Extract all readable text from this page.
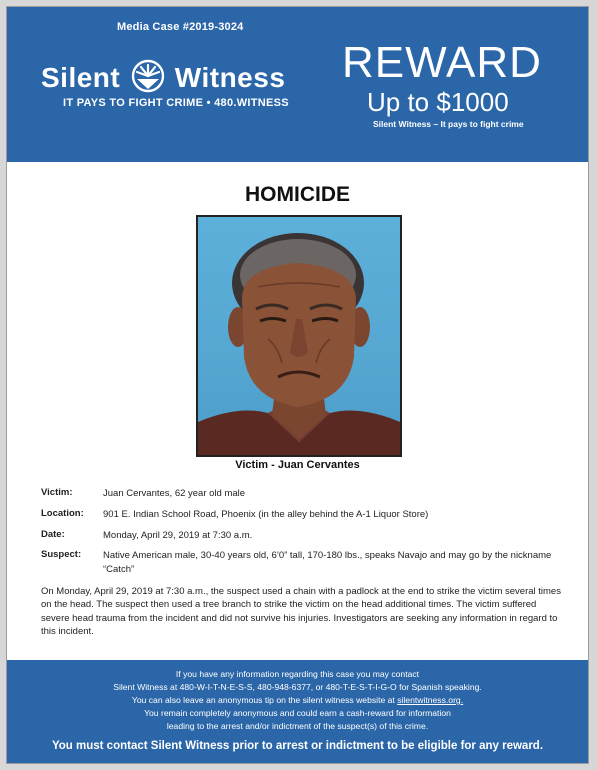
Media Case #2019-3024
Silent Witness
IT PAYS TO FIGHT CRIME • 480.WITNESS
REWARD
Up to $1000
Silent Witness – It pays to fight crime
HOMICIDE
Victim - Juan Cervantes
Victim:	Juan Cervantes, 62 year old male
Location:	901 E. Indian School Road, Phoenix (in the alley behind the A-1 Liquor Store)
Date:	Monday, April 29, 2019 at 7:30 a.m.
Suspect:	Native American male, 30-40 years old, 6’0” tall, 170-180 lbs., speaks Navajo and may go by the nickname “Catch”
On Monday, April 29, 2019 at 7:30 a.m., the suspect used a chain with a padlock at the end to strike the victim several times on the head. The suspect then used a tree branch to strike the victim on the head additional times. The victim suffered severe head trauma from the incident and did not survive his injuries. Investigators are seeking any information in regard to this incident.
If you have any information regarding this case you may contact
Silent Witness at 480-W-I-T-N-E-S-S, 480-948-6377, or 480-T-E-S-T-I-G-O for Spanish speaking.
You can also leave an anonymous tip on the silent witness website at silentwitness.org.
You remain completely anonymous and could earn a cash-reward for information
leading to the arrest and/or indictment of the suspect(s) of this crime.
You must contact Silent Witness prior to arrest or indictment to be eligible for any reward.
